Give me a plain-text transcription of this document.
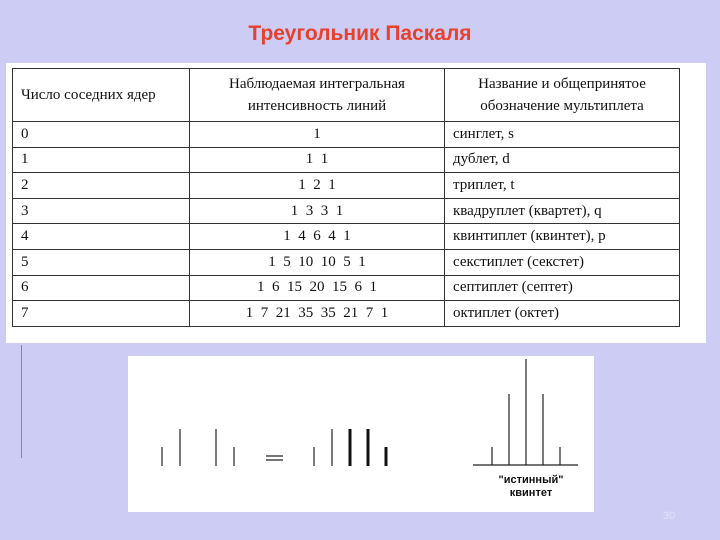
Треугольник Паскаля
Число соседних ядер	Наблюдаемая интегральная интенсивность линий	Название и общепринятое обозначение мультиплета
0	1	синглет, s
1	1  1	дублет, d
2	1  2  1	триплет, t
3	1  3  3  1	квадруплет (квартет), q
4	1  4  6  4  1	квинтиплет (квинтет), p
5	1  5  10  10  5  1	секстиплет (секстет)
6	1  6  15  20  15  6  1	септиплет (септет)
7	1  7  21  35  35  21  7  1	октиплет (октет)
"истинный"
квинтет
30
